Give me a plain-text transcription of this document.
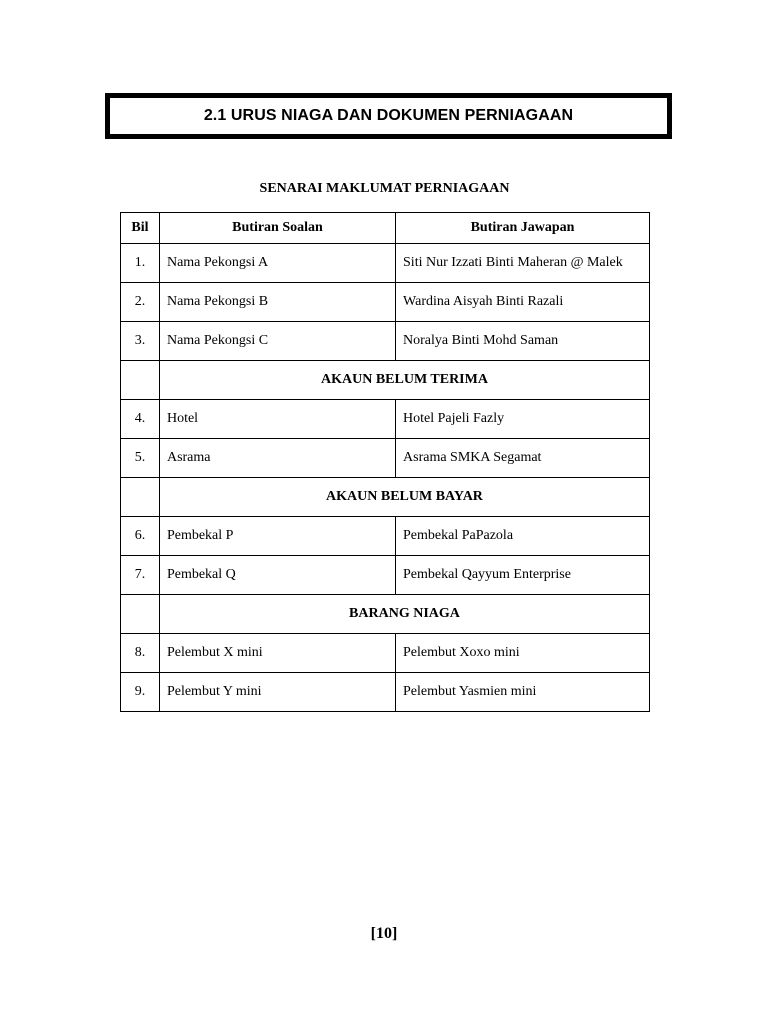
2.1 URUS NIAGA DAN DOKUMEN PERNIAGAAN
SENARAI MAKLUMAT PERNIAGAAN
Bil	Butiran Soalan	Butiran Jawapan
1.	Nama Pekongsi A	Siti Nur Izzati Binti Maheran @ Malek
2.	Nama Pekongsi B	Wardina Aisyah Binti Razali
3.	Nama Pekongsi C	Noralya Binti Mohd Saman
	AKAUN BELUM TERIMA	
4.	Hotel	Hotel Pajeli Fazly
5.	Asrama	Asrama SMKA Segamat
	AKAUN BELUM BAYAR	
6.	Pembekal P	Pembekal PaPazola
7.	Pembekal Q	Pembekal Qayyum Enterprise
	BARANG NIAGA	
8.	Pelembut X mini	Pelembut Xoxo mini
9.	Pelembut Y mini	Pelembut Yasmien mini
[10]
